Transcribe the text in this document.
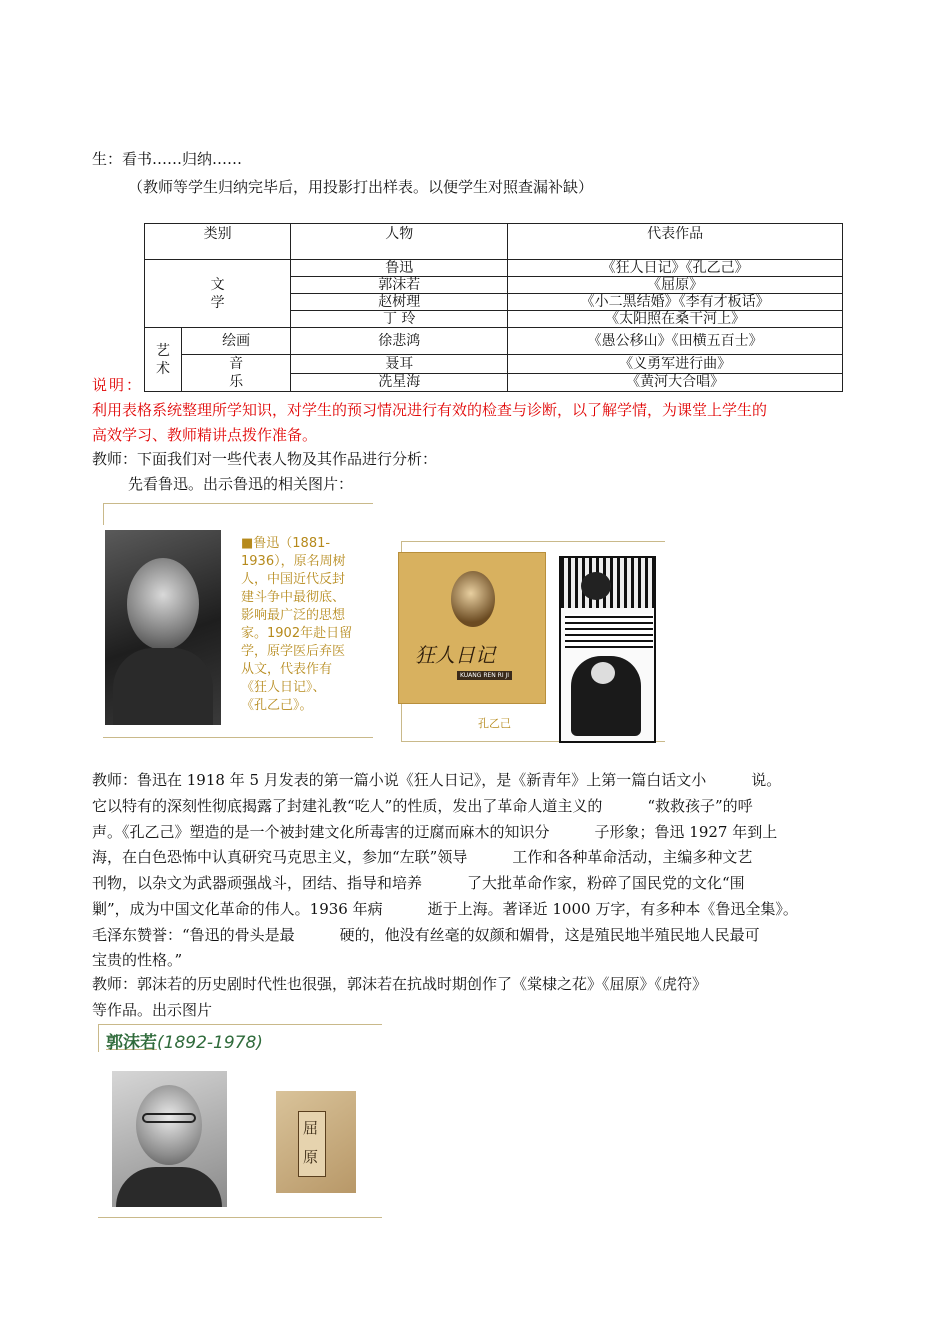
生：看书……归纳……
（教师等学生归纳完毕后，用投影打出样表。以便学生对照查漏补缺）
类别		人物	代表作品
文学		鲁迅	《狂人日记》《孔乙己》
		郭沫若	《屈原》
		赵树理	《小二黑结婚》《李有才板话》
		丁 玲	《太阳照在桑干河上》
艺术	绘画	徐悲鸿	《愚公移山》《田横五百士》
	音乐	聂耳	《义勇军进行曲》
		冼星海	《黄河大合唱》
说明：
利用表格系统整理所学知识，对学生的预习情况进行有效的检查与诊断，以了解学情，为课堂上学生的
高效学习、教师精讲点拨作准备。
教师：下面我们对一些代表人物及其作品进行分析：
先看鲁迅。出示鲁迅的相关图片：
■鲁迅（1881-
1936），原名周树
人，中国近代反封
建斗争中最彻底、
影响最广泛的思想
家。1902年赴日留
学，原学医后弃医
从文，代表作有
《狂人日记》、
《孔乙己》。
狂人日记
KUANG REN RI JI
孔乙己
教师：鲁迅在 1918 年 5 月发表的第一篇小说《狂人日记》，是《新青年》上第一篇白话文小　　　说。
它以特有的深刻性彻底揭露了封建礼教“吃人”的性质，发出了革命人道主义的　　　“救救孩子”的呼
声。《孔乙己》塑造的是一个被封建文化所毒害的迂腐而麻木的知识分　　　子形象；鲁迅 1927 年到上
海，在白色恐怖中认真研究马克思主义，参加“左联”领导　　　工作和各种革命活动，主编多种文艺
刊物，以杂文为武器顽强战斗，团结、指导和培养　　　了大批革命作家，粉碎了国民党的文化“围
剿”，成为中国文化革命的伟人。1936 年病　　　逝于上海。著译近 1000 万字，有多种本《鲁迅全集》。
毛泽东赞誉：“鲁迅的骨头是最　　　硬的，他没有丝毫的奴颜和媚骨，这是殖民地半殖民地人民最可
宝贵的性格。”
教师：郭沫若的历史剧时代性也很强，郭沫若在抗战时期创作了《棠棣之花》《屈原》《虎符》
等作品。出示图片
郭沫若(1892-1978)
屈原
